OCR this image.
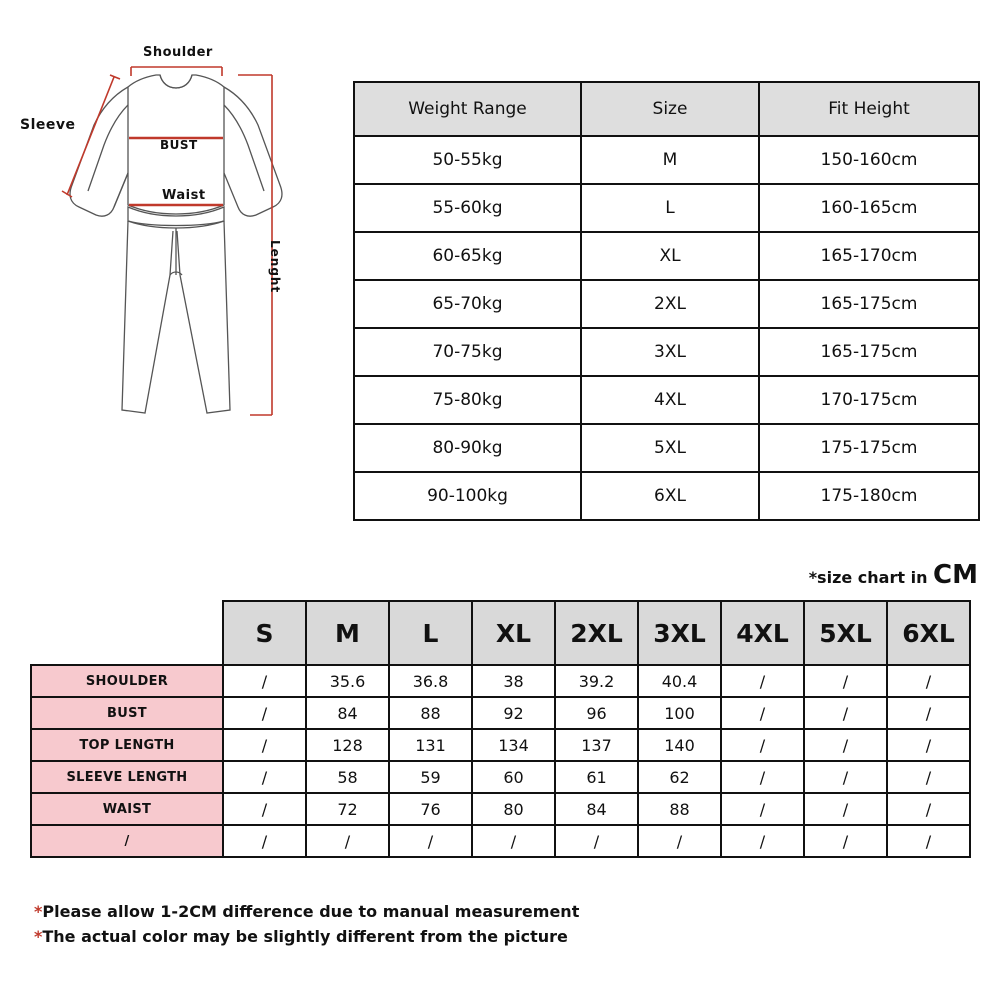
Shoulder
Sleeve
BUST
Waist
Lenght
Weight Range	Size	Fit Height
50-55kg	M	150-160cm
55-60kg	L	160-165cm
60-65kg	XL	165-170cm
65-70kg	2XL	165-175cm
70-75kg	3XL	165-175cm
75-80kg	4XL	170-175cm
80-90kg	5XL	175-175cm
90-100kg	6XL	175-180cm
*size chart in CM
	S	M	L	XL	2XL	3XL	4XL	5XL	6XL
SHOULDER	/	35.6	36.8	38	39.2	40.4	/	/	/
BUST	/	84	88	92	96	100	/	/	/
TOP LENGTH	/	128	131	134	137	140	/	/	/
SLEEVE LENGTH	/	58	59	60	61	62	/	/	/
WAIST	/	72	76	80	84	88	/	/	/
/	/	/	/	/	/	/	/	/	/
*Please allow 1-2CM difference due to manual measurement
*The actual color may be slightly different from the picture
